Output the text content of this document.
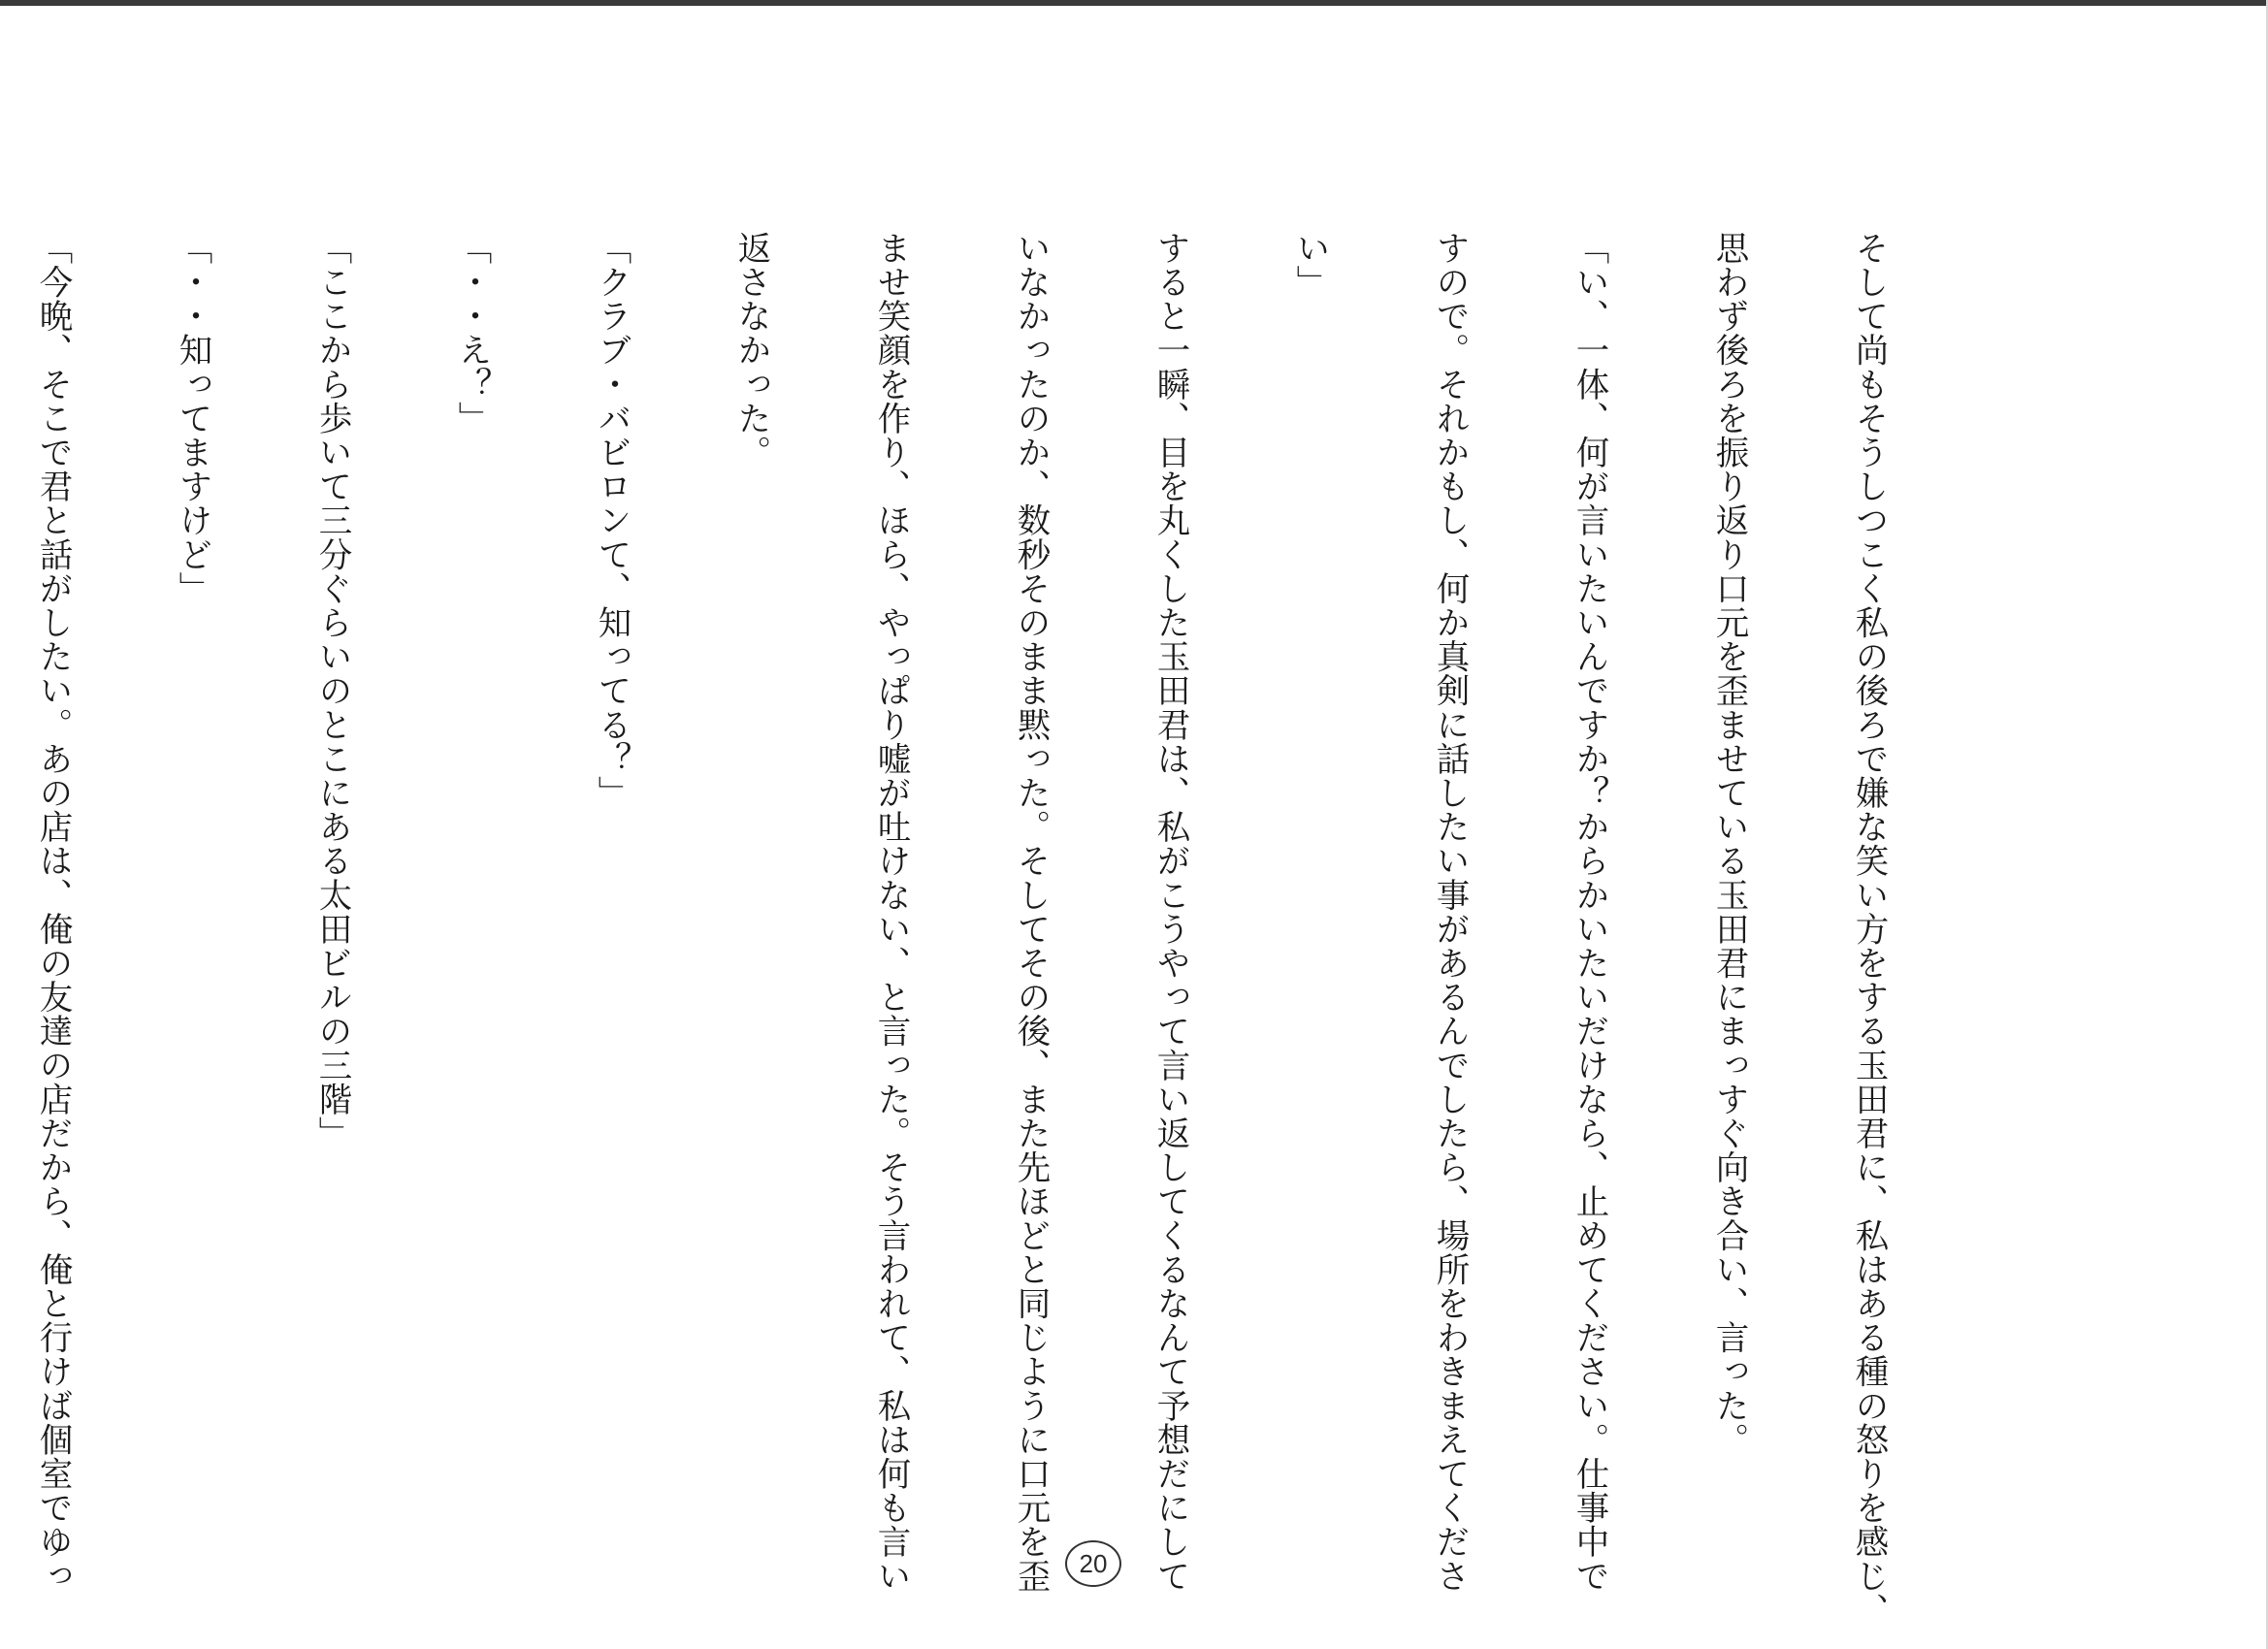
そして尚もそうしつこく私の後ろで嫌な笑い方をする玉田君に、私はある種の怒りを感じ、

思わず後ろを振り返り口元を歪ませている玉田君にまっすぐ向き合い、言った。

「い、一体、何が言いたいんですか？からかいたいだけなら、止めてください。仕事中で

すので。それかもし、何か真剣に話したい事があるんでしたら、場所をわきまえてくださ

い」

すると一瞬、目を丸くした玉田君は、私がこうやって言い返してくるなんて予想だにして

いなかったのか、数秒そのまま黙った。そしてその後、また先ほどと同じように口元を歪

ませ笑顔を作り、ほら、やっぱり嘘が吐けない、と言った。そう言われて、私は何も言い

返さなかった。

「クラブ・バビロンて、知ってる？」

「・・え？」

「ここから歩いて三分ぐらいのとこにある太田ビルの三階」

「・・知ってますけど」

「今晩、そこで君と話がしたい。あの店は、俺の友達の店だから、俺と行けば個室でゆっ

	20
